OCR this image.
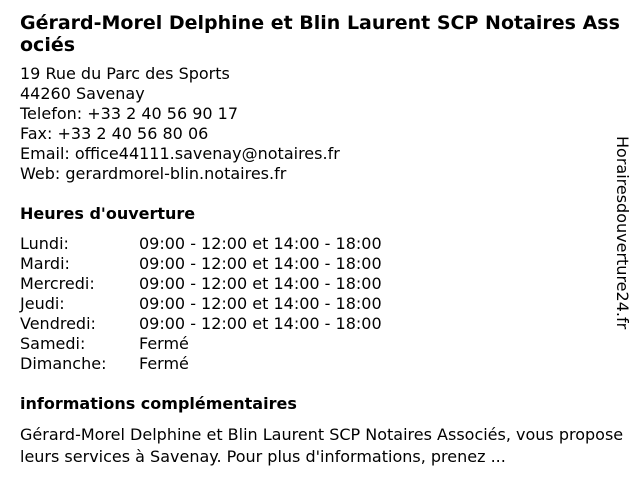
Gérard-Morel Delphine et Blin Laurent SCP Notaires Associés
19 Rue du Parc des Sports
44260 Savenay
Telefon: +33 2 40 56 90 17
Fax: +33 2 40 56 80 06
Email: office44111.savenay@notaires.fr
Web: gerardmorel-blin.notaires.fr
Heures d'ouverture
Lundi:	09:00 - 12:00 et 14:00 - 18:00
Mardi:	09:00 - 12:00 et 14:00 - 18:00
Mercredi:	09:00 - 12:00 et 14:00 - 18:00
Jeudi:	09:00 - 12:00 et 14:00 - 18:00
Vendredi:	09:00 - 12:00 et 14:00 - 18:00
Samedi:	Fermé
Dimanche:	Fermé
informations complémentaires
Gérard-Morel Delphine et Blin Laurent SCP Notaires Associés, vous propose leurs services à Savenay. Pour plus d'informations, prenez ...
Horairesdouverture24.fr
